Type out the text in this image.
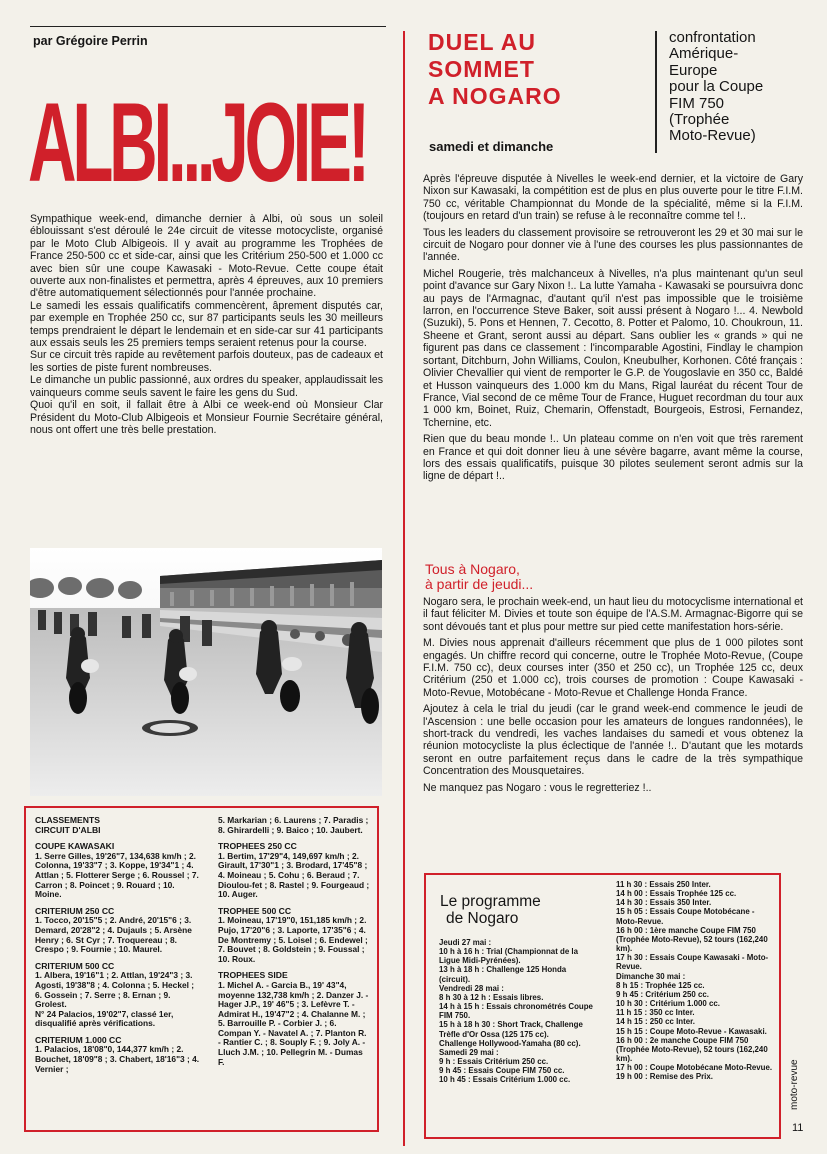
par Grégoire Perrin
ALBI...JOIE!

Sympathique week-end, dimanche dernier à Albi, où sous un soleil éblouissant s'est déroulé le 24e circuit de vitesse motocycliste, organisé par le Moto Club Albigeois. Il y avait au programme les Trophées de France 250-500 cc et side-car, ainsi que les Critérium 250-500 et 1.000 cc avec bien sûr une coupe Kawasaki - Moto-Revue. Cette coupe était ouverte aux non-finalistes et permettra, après 4 épreuves, aux 10 premiers d'être automatiquement sélectionnés pour l'année prochaine.

Le samedi les essais qualificatifs commencèrent, âprement disputés car, par exemple en Trophée 250 cc, sur 87 participants seuls les 30 meilleurs temps prendraient le départ le lendemain et en side-car sur 41 participants aux essais seuls les 25 premiers temps seraient retenus pour la course.

Sur ce circuit très rapide au revêtement parfois douteux, pas de cadeaux et les sorties de piste furent nombreuses.

Le dimanche un public passionné, aux ordres du speaker, applaudissait les vainqueurs comme seuls savent le faire les gens du Sud.

Quoi qu'il en soit, il fallait être à Albi ce week-end où Monsieur Clar Président du Moto-Club Albigeois et Monsieur Fournie Secrétaire général, nous ont offert une très belle prestation.

CLASSEMENTS
CIRCUIT D'ALBI

COUPE KAWASAKI

1. Serre Gilles, 19'26"7, 134,638 km/h ; 2. Colonna, 19'33"7 ; 3. Koppe, 19'34"1 ; 4. Attlan ; 5. Flotterer Serge ; 6. Roussel ; 7. Carron ; 8. Poincet ; 9. Rouard ; 10. Moine.

CRITERIUM 250 CC

1. Tocco, 20'15"5 ; 2. André, 20'15"6 ; 3. Demard, 20'28"2 ; 4. Dujauls ; 5. Arsène Henry ; 6. St Cyr ; 7. Troquereau ; 8. Crespo ; 9. Fournie ; 10. Maurel.

CRITERIUM 500 CC

1. Albera, 19'16"1 ; 2. Attlan, 19'24"3 ; 3. Agosti, 19'38"8 ; 4. Colonna ; 5. Heckel ; 6. Gossein ; 7. Serre ; 8. Ernan ; 9. Grolest.
N° 24 Palacios, 19'02"7, classé 1er, disqualifié après vérifications.

CRITERIUM 1.000 CC

1. Palacios, 18'08"0, 144,377 km/h ; 2. Bouchet, 18'09"8 ; 3. Chabert, 18'16"3 ; 4. Vernier ;

5. Markarian ; 6. Laurens ; 7. Paradis ; 8. Ghirardelli ; 9. Baico ; 10. Jaubert.

TROPHEES 250 CC

1. Bertim, 17'29"4, 149,697 km/h ; 2. Girault, 17'30"1 ; 3. Brodard, 17'45"8 ; 4. Moineau ; 5. Cohu ; 6. Beraud ; 7. Dioulou-fet ; 8. Rastel ; 9. Fourgeaud ; 10. Auger.

TROPHEE 500 CC

1. Moineau, 17'19"0, 151,185 km/h ; 2. Pujo, 17'20"6 ; 3. Laporte, 17'35"6 ; 4. De Montremy ; 5. Loisel ; 6. Endewel ; 7. Bouvet ; 8. Goldstein ; 9. Foussal ; 10. Roux.

TROPHEES SIDE

1. Michel A. - Garcia B., 19' 43"4, moyenne 132,738 km/h ; 2. Danzer J. - Hager J.P., 19' 46"5 ; 3. Lefèvre T. - Admirat H., 19'47"2 ; 4. Chalanne M. ; 5. Barrouille P. - Corbier J. ; 6. Compan Y. - Navatel A. ; 7. Planton R. - Rantier C. ; 8. Souply F. ; 9. Joly A. - Lluch J.M. ; 10. Pellegrin M. - Dumas F.

DUEL AU
SOMMET
A NOGARO
samedi et dimanche
confrontation
Amérique-
Europe
pour la Coupe
FIM 750
(Trophée
Moto-Revue)

Après l'épreuve disputée à Nivelles le week-end dernier, et la victoire de Gary Nixon sur Kawasaki, la compétition est de plus en plus ouverte pour le titre F.I.M. 750 cc, véritable Championnat du Monde de la spécialité, même si la F.I.M. (toujours en retard d'un train) se refuse à le reconnaître comme tel !..

Tous les leaders du classement provisoire se retrouveront les 29 et 30 mai sur le circuit de Nogaro pour donner vie à l'une des courses les plus passionnantes de l'année.

Michel Rougerie, très malchanceux à Nivelles, n'a plus maintenant qu'un seul point d'avance sur Gary Nixon !.. La lutte Yamaha - Kawasaki se poursuivra donc au pays de l'Armagnac, d'autant qu'il n'est pas impossible que le troisième larron, en l'occurrence Steve Baker, soit aussi présent à Nogaro !... 4. Newbold (Suzuki), 5. Pons et Hennen, 7. Cecotto, 8. Potter et Palomo, 10. Choukroun, 11. Sheene et Grant, seront aussi au départ. Sans oublier les « grands » qui ne figurent pas dans ce classement : l'incomparable Agostini, Findlay le champion sortant, Ditchburn, John Williams, Coulon, Kneubulher, Korhonen. Côté français : Olivier Chevallier qui vient de remporter le G.P. de Yougoslavie en 350 cc, Baldé et Husson vainqueurs des 1.000 km du Mans, Rigal lauréat du récent Tour de France, Vial second de ce même Tour de France, Huguet recordman du tour aux 1 000 km, Boinet, Ruiz, Chemarin, Offenstadt, Bourgeois, Estrosi, Fernandez, Tchernine, etc.

Rien que du beau monde !.. Un plateau comme on n'en voit que très rarement en France et qui doit donner lieu à une sévère bagarre, avant même la course, lors des essais qualificatifs, puisque 30 pilotes seulement seront admis sur la ligne de départ !..

Tous à Nogaro,
à partir de jeudi...

Nogaro sera, le prochain week-end, un haut lieu du motocyclisme international et il faut féliciter M. Divies et toute son équipe de l'A.S.M. Armagnac-Bigorre qui se sont dévoués tant et plus pour mettre sur pied cette manifestation hors-série.

M. Divies nous apprenait d'ailleurs récemment que plus de 1 000 pilotes sont engagés. Un chiffre record qui concerne, outre le Trophée Moto-Revue, (Coupe F.I.M. 750 cc), deux courses inter (350 et 250 cc), un Trophée 125 cc, deux Critérium (250 et 1.000 cc), trois courses de promotion : Coupe Kawasaki - Moto-Revue, Motobécane - Moto-Revue et Challenge Honda France.

Ajoutez à cela le trial du jeudi (car le grand week-end commence le jeudi de l'Ascension : une belle occasion pour les amateurs de longues randonnées), le short-track du vendredi, les vaches landaises du samedi et vous obtenez la réunion motocycliste la plus éclectique de l'année !.. D'autant que les motards seront en outre parfaitement reçus dans le cadre de la très sympathique Concentration des Mousquetaires.

Ne manquez pas Nogaro : vous le regretteriez !..

Le programme
de Nogaro
Jeudi 27 mai :
10 h à 16 h : Trial (Championnat de la Ligue Midi-Pyrénées).
13 h à 18 h : Challenge 125 Honda (circuit).
Vendredi 28 mai :
8 h 30 à 12 h : Essais libres.
14 h à 15 h : Essais chronométrés Coupe FIM 750.
15 h à 18 h 30 : Short Track, Challenge Trèfle d'Or Ossa (125 175 cc).
Challenge Hollywood-Yamaha (80 cc).
Samedi 29 mai :
9 h : Essais Critérium 250 cc.
9 h 45 : Essais Coupe FIM 750 cc.
10 h 45 : Essais Critérium 1.000 cc.
11 h 30 : Essais 250 Inter.
14 h 00 : Essais Trophée 125 cc.
14 h 30 : Essais 350 Inter.
15 h 05 : Essais Coupe Motobécane - Moto-Revue.
16 h 00 : 1ère manche Coupe FIM 750 (Trophée Moto-Revue), 52 tours (162,240 km).
17 h 30 : Essais Coupe Kawasaki - Moto-Revue.
Dimanche 30 mai :
8 h 15 : Trophée 125 cc.
9 h 45 : Critérium 250 cc.
10 h 30 : Critérium 1.000 cc.
11 h 15 : 350 cc Inter.
14 h 15 : 250 cc Inter.
15 h 15 : Coupe Moto-Revue - Kawasaki.
16 h 00 : 2e manche Coupe FIM 750 (Trophée Moto-Revue), 52 tours (162,240 km).
17 h 00 : Coupe Motobécane Moto-Revue.
19 h 00 : Remise des Prix.	moto-revue
11
